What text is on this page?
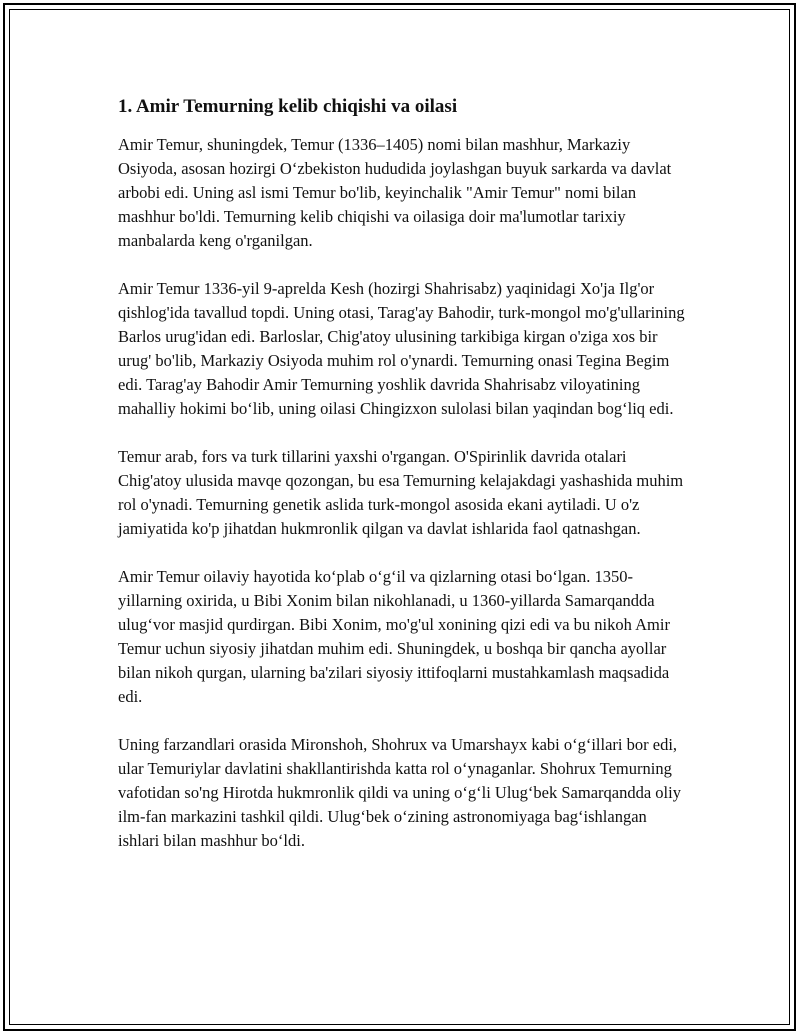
1. Amir Temurning kelib chiqishi va oilasi

Amir Temur, shuningdek, Temur (1336–1405) nomi bilan mashhur, Markaziy Osiyoda, asosan hozirgi O‘zbekiston hududida joylashgan buyuk sarkarda va davlat arbobi edi. Uning asl ismi Temur bo'lib, keyinchalik "Amir Temur" nomi bilan mashhur bo'ldi. Temurning kelib chiqishi va oilasiga doir ma'lumotlar tarixiy manbalarda keng o'rganilgan.

Amir Temur 1336-yil 9-aprelda Kesh (hozirgi Shahrisabz) yaqinidagi Xo'ja Ilg'or qishlog'ida tavallud topdi. Uning otasi, Tarag'ay Bahodir, turk-mongol mo'g'ullarining Barlos urug'idan edi. Barloslar, Chig'atoy ulusining tarkibiga kirgan o'ziga xos bir urug' bo'lib, Markaziy Osiyoda muhim rol o'ynardi. Temurning onasi Tegina Begim edi. Tarag'ay Bahodir Amir Temurning yoshlik davrida Shahrisabz viloyatining mahalliy hokimi bo‘lib, uning oilasi Chingizxon sulolasi bilan yaqindan bog‘liq edi.

Temur arab, fors va turk tillarini yaxshi o'rgangan. O'Spirinlik davrida otalari Chig'atoy ulusida mavqe qozongan, bu esa Temurning kelajakdagi yashashida muhim rol o'ynadi. Temurning genetik aslida turk-mongol asosida ekani aytiladi. U o'z jamiyatida ko'p jihatdan hukmronlik qilgan va davlat ishlarida faol qatnashgan.

Amir Temur oilaviy hayotida ko‘plab o‘g‘il va qizlarning otasi bo‘lgan. 1350-yillarning oxirida, u Bibi Xonim bilan nikohlanadi, u 1360-yillarda Samarqandda ulug‘vor masjid qurdirgan. Bibi Xonim, mo'g'ul xonining qizi edi va bu nikoh Amir Temur uchun siyosiy jihatdan muhim edi. Shuningdek, u boshqa bir qancha ayollar bilan nikoh qurgan, ularning ba'zilari siyosiy ittifoqlarni mustahkamlash maqsadida edi.

Uning farzandlari orasida Mironshoh, Shohrux va Umarshayx kabi o‘g‘illari bor edi, ular Temuriylar davlatini shakllantirishda katta rol o‘ynaganlar. Shohrux Temurning vafotidan so'ng Hirotda hukmronlik qildi va uning o‘g‘li Ulug‘bek Samarqandda oliy ilm-fan markazini tashkil qildi. Ulug‘bek o‘zining astronomiyaga bag‘ishlangan ishlari bilan mashhur bo‘ldi.
